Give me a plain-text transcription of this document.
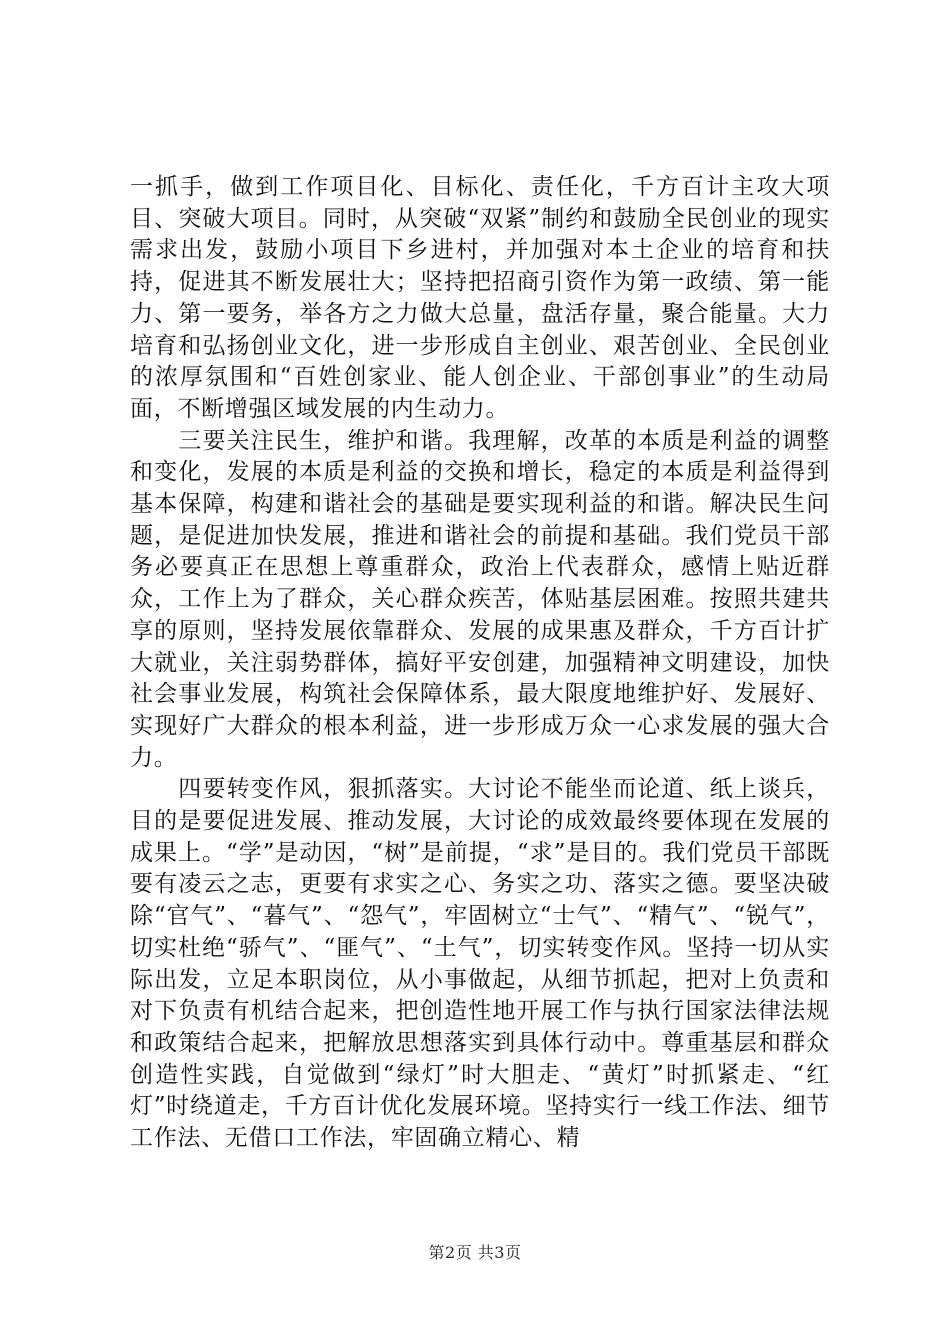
一抓手，做到工作项目化、目标化、责任化，千方百计主攻大项目、突破大项目。同时，从突破“双紧”制约和鼓励全民创业的现实需求出发，鼓励小项目下乡进村，并加强对本土企业的培育和扶持，促进其不断发展壮大；坚持把招商引资作为第一政绩、第一能力、第一要务，举各方之力做大总量，盘活存量，聚合能量。大力培育和弘扬创业文化，进一步形成自主创业、艰苦创业、全民创业的浓厚氛围和“百姓创家业、能人创企业、干部创事业”的生动局面，不断增强区域发展的内生动力。

三要关注民生，维护和谐。我理解，改革的本质是利益的调整和变化，发展的本质是利益的交换和增长，稳定的本质是利益得到基本保障，构建和谐社会的基础是要实现利益的和谐。解决民生问题，是促进加快发展，推进和谐社会的前提和基础。我们党员干部务必要真正在思想上尊重群众，政治上代表群众，感情上贴近群众，工作上为了群众，关心群众疾苦，体贴基层困难。按照共建共享的原则，坚持发展依靠群众、发展的成果惠及群众，千方百计扩大就业，关注弱势群体，搞好平安创建，加强精神文明建设，加快社会事业发展，构筑社会保障体系，最大限度地维护好、发展好、实现好广大群众的根本利益，进一步形成万众一心求发展的强大合力。

四要转变作风，狠抓落实。大讨论不能坐而论道、纸上谈兵，目的是要促进发展、推动发展，大讨论的成效最终要体现在发展的成果上。“学”是动因，“树”是前提，“求”是目的。我们党员干部既要有凌云之志，更要有求实之心、务实之功、落实之德。要坚决破除“官气”、“暮气”、“怨气”，牢固树立“士气”、“精气”、“锐气”，切实杜绝“骄气”、“匪气”、“土气”，切实转变作风。坚持一切从实际出发，立足本职岗位，从小事做起，从细节抓起，把对上负责和对下负责有机结合起来，把创造性地开展工作与执行国家法律法规和政策结合起来，把解放思想落实到具体行动中。尊重基层和群众创造性实践，自觉做到“绿灯”时大胆走、“黄灯”时抓紧走、“红灯”时绕道走，千方百计优化发展环境。坚持实行一线工作法、细节工作法、无借口工作法，牢固确立精心、精

第2页 共3页
